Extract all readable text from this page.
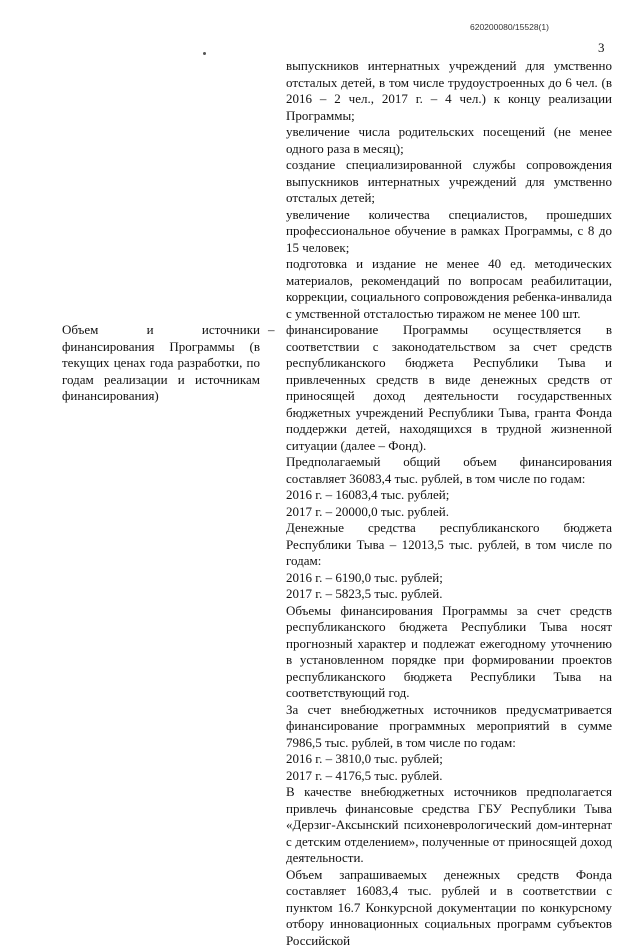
620200080/15528(1)
3

выпускников интернатных учреждений для умственно отсталых детей, в том числе трудоустроенных до 6 чел. (в 2016 – 2 чел., 2017 г. – 4 чел.) к концу реализации Программы;

увеличение числа родительских посещений (не менее одного раза в месяц);

создание специализированной службы сопровождения выпускников интернатных учреждений для умственно отсталых детей;

увеличение количества специалистов, прошедших профессиональное обучение в рамках Программы, с 8 до 15 человек;

подготовка и издание не менее 40 ед. методических материалов, рекомендаций по вопросам реабилитации, коррекции, социального сопровождения ребенка-инвалида с умственной отсталостью тиражом не менее 100 шт.

Объем и источники финансирования Программы (в текущих ценах года разработки, по годам реализации и источникам финансирования)
– финансирование Программы осуществляется в соответствии с законодательством за счет средств республиканского бюджета Республики Тыва и привлеченных средств в виде денежных средств от приносящей доход деятельности государственных бюджетных учреждений Республики Тыва, гранта Фонда поддержки детей, находящихся в трудной жизненной ситуации (далее – Фонд).

Предполагаемый общий объем финансирования составляет 36083,4 тыс. рублей, в том числе по годам:

2016 г. – 16083,4 тыс. рублей;

2017 г. – 20000,0 тыс. рублей.

Денежные средства республиканского бюджета Республики Тыва – 12013,5 тыс. рублей, в том числе по годам:

2016 г. – 6190,0 тыс. рублей;

2017 г. – 5823,5 тыс. рублей.

Объемы финансирования Программы за счет средств республиканского бюджета Республики Тыва носят прогнозный характер и подлежат ежегодному уточнению в установленном порядке при формировании проектов республиканского бюджета Республики Тыва на соответствующий год.

За счет внебюджетных источников предусматривается финансирование программных мероприятий в сумме 7986,5 тыс. рублей, в том числе по годам:

2016 г. – 3810,0 тыс. рублей;

2017 г. – 4176,5 тыс. рублей.

В качестве внебюджетных источников предполагается привлечь финансовые средства ГБУ Республики Тыва «Дерзиг-Аксынский психоневрологический дом-интернат с детским отделением», полученные от приносящей доход деятельности.

Объем запрашиваемых денежных средств Фонда составляет 16083,4 тыс. рублей и в соответствии с пунктом 16.7 Конкурсной документации по конкурсному отбору инновационных социальных программ субъектов Российской
